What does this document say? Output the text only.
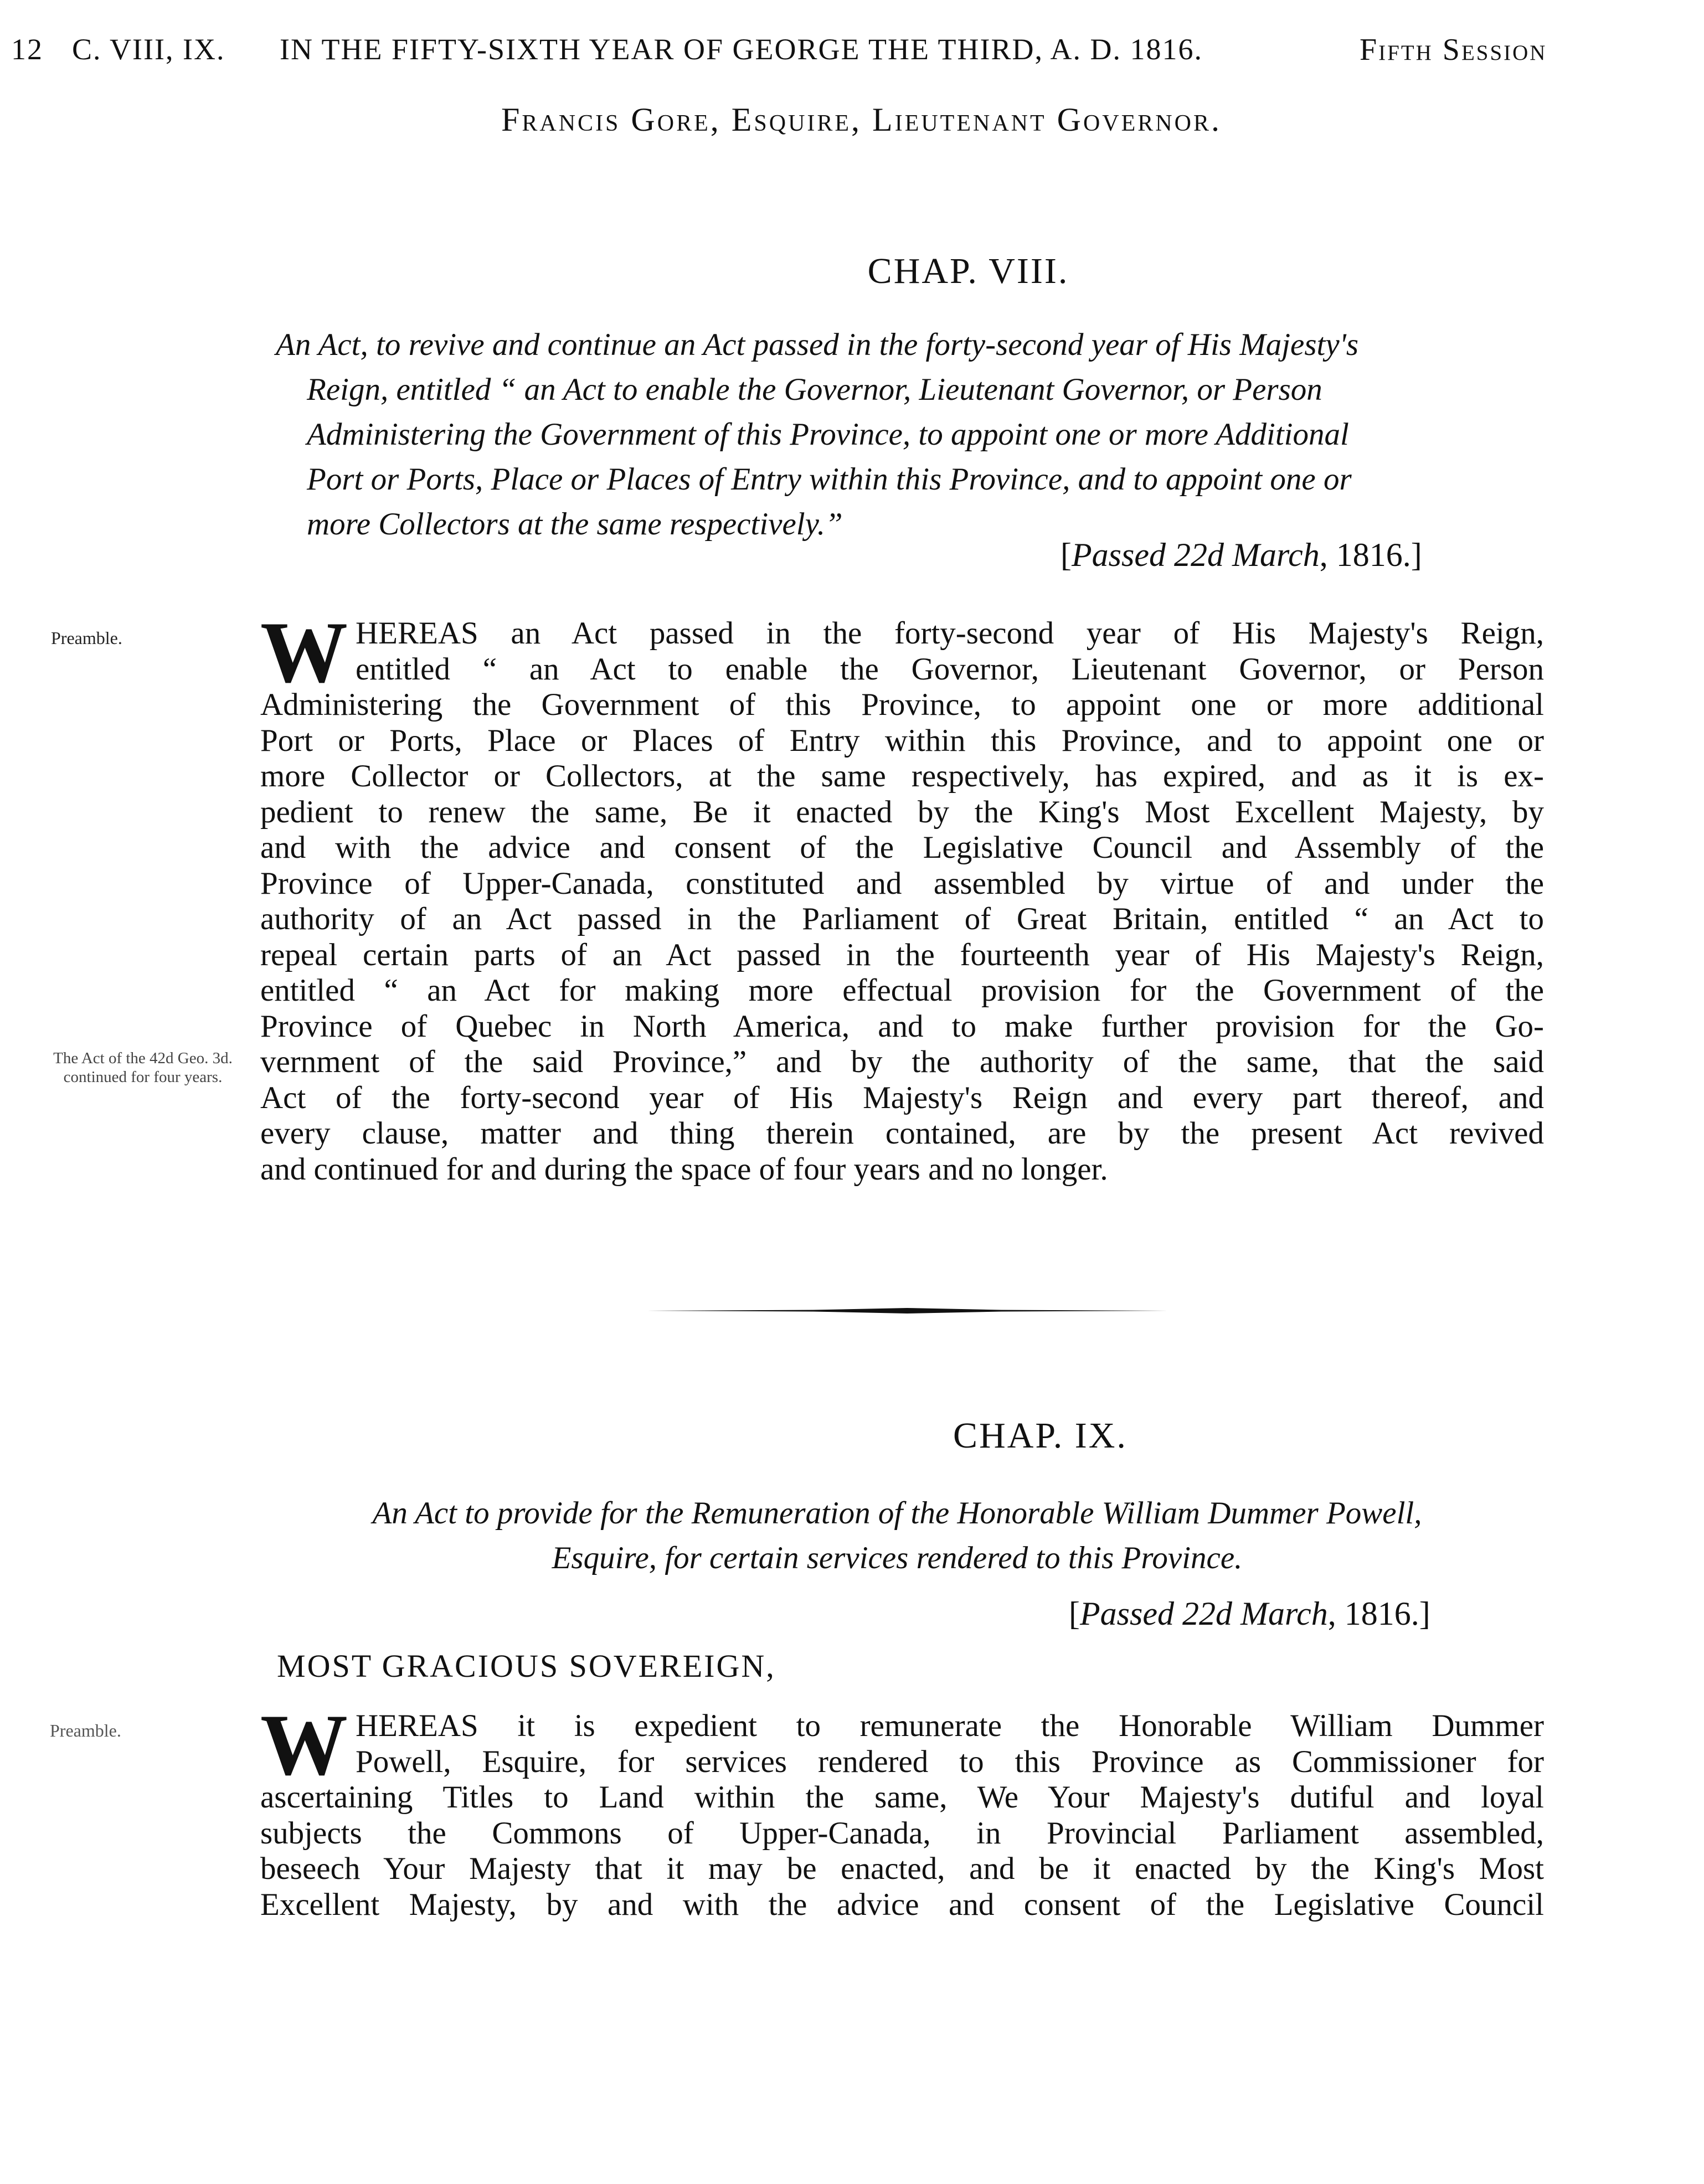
12 C. VIII, IX. IN THE FIFTY-SIXTH YEAR OF GEORGE THE THIRD, A. D. 1816.	Fifth Session
Francis Gore, Esquire, Lieutenant Governor.
CHAP. VIII.
An Act, to revive and continue an Act passed in the forty-second year of His Majesty's
Reign, entitled “ an Act to enable the Governor, Lieutenant Governor, or Person
Administering the Government of this Province, to appoint one or more Additional
Port or Ports, Place or Places of Entry within this Province, and to appoint one or
more Collectors at the same respectively.”
[Passed 22d March, 1816.]
Preamble.
The Act of the 42d Geo. 3d. continued for four years.
W HEREAS an Act passed in the forty-second year of His Majesty's Reign,
entitled “ an Act to enable the Governor, Lieutenant Governor, or Person
Administering the Government of this Province, to appoint one or more additional
Port or Ports, Place or Places of Entry within this Province, and to appoint one or
more Collector or Collectors, at the same respectively, has expired, and as it is ex-
pedient to renew the same, Be it enacted by the King's Most Excellent Majesty, by
and with the advice and consent of the Legislative Council and Assembly of the
Province of Upper-Canada, constituted and assembled by virtue of and under the
authority of an Act passed in the Parliament of Great Britain, entitled “ an Act to
repeal certain parts of an Act passed in the fourteenth year of His Majesty's Reign,
entitled “ an Act for making more effectual provision for the Government of the
Province of Quebec in North America, and to make further provision for the Go-
vernment of the said Province,” and by the authority of the same, that the said
Act of the forty-second year of His Majesty's Reign and every part thereof, and
every clause, matter and thing therein contained, are by the present Act revived
and continued for and during the space of four years and no longer.
CHAP. IX.
An Act to provide for the Remuneration of the Honorable William Dummer Powell,
Esquire, for certain services rendered to this Province.
[Passed 22d March, 1816.]
MOST GRACIOUS SOVEREIGN,
Preamble. W HEREAS it is expedient to remunerate the Honorable William Dummer
Powell, Esquire, for services rendered to this Province as Commissioner for
ascertaining Titles to Land within the same, We Your Majesty's dutiful and loyal
subjects the Commons of Upper-Canada, in Provincial Parliament assembled,
beseech Your Majesty that it may be enacted, and be it enacted by the King's Most
Excellent Majesty, by and with the advice and consent of the Legislative Council
